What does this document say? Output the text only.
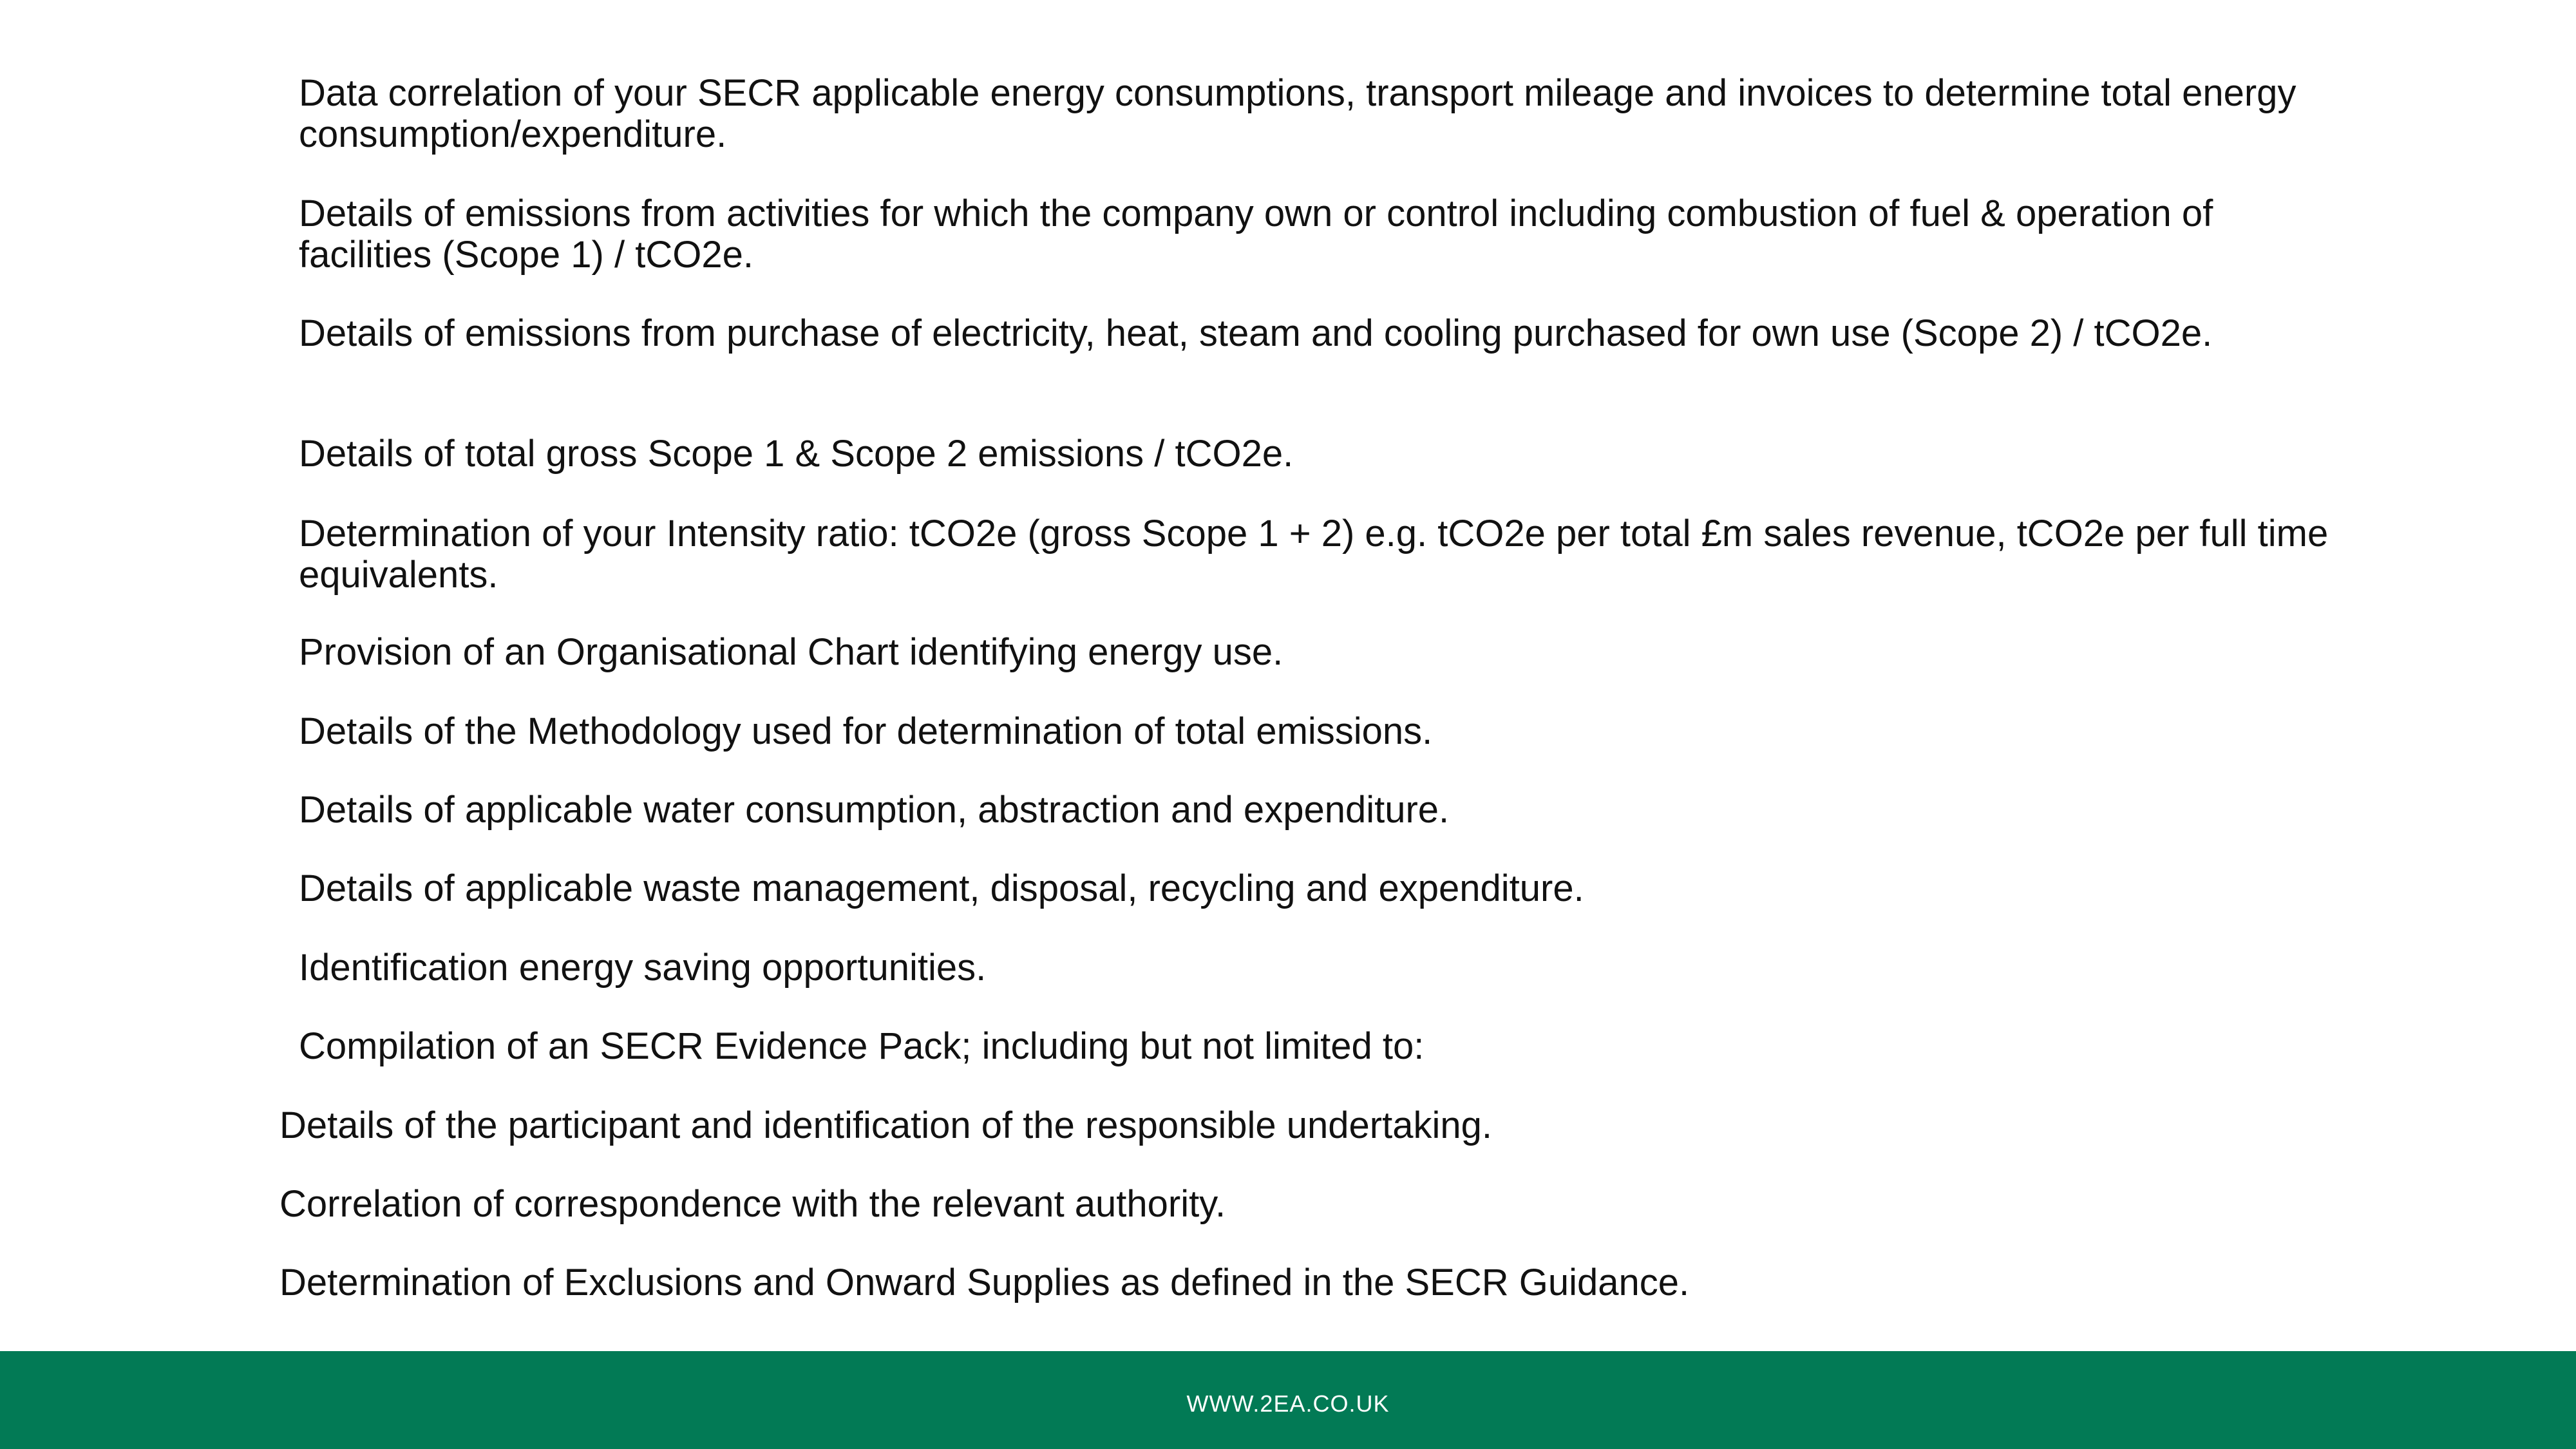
Data correlation of your SECR applicable energy consumptions, transport mileage and invoices to determine total energy consumption/expenditure.

Details of emissions from activities for which the company own or control including combustion of fuel & operation of facilities (Scope 1) / tCO2e.

Details of emissions from purchase of electricity, heat, steam and cooling purchased for own use (Scope 2) / tCO2e.

Details of total gross Scope 1 & Scope 2 emissions / tCO2e.

Determination of your Intensity ratio: tCO2e (gross Scope 1 + 2) e.g. tCO2e per total £m sales revenue, tCO2e per full time equivalents.

Provision of an Organisational Chart identifying energy use.

Details of the Methodology used for determination of total emissions.

Details of applicable water consumption, abstraction and expenditure.

Details of applicable waste management, disposal, recycling and expenditure.

Identification energy saving opportunities.

Compilation of an SECR Evidence Pack; including but not limited to:

Details of the participant and identification of the responsible undertaking.

Correlation of correspondence with the relevant authority.

Determination of Exclusions and Onward Supplies as defined in the SECR Guidance.

WWW.2EA.CO.UK
